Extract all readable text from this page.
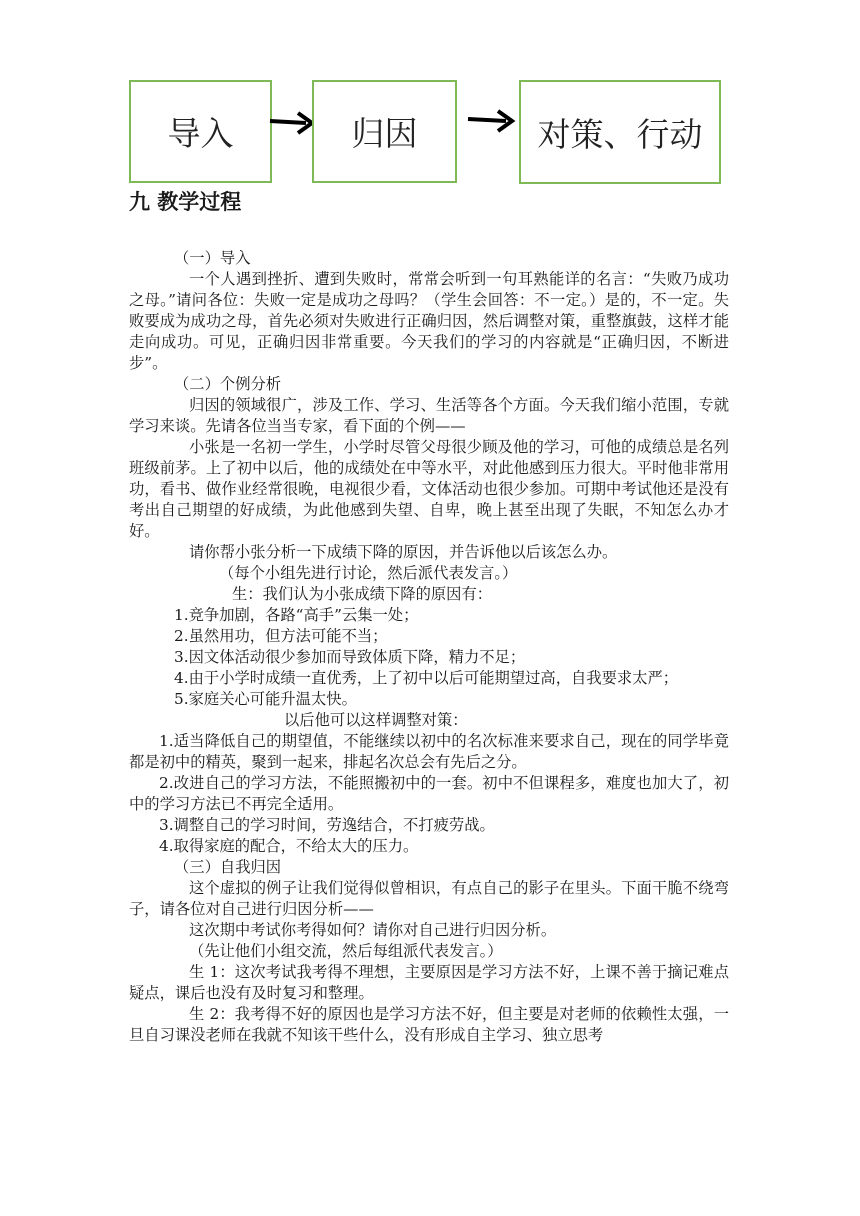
导入	归因	对策、行动
九 教学过程

（一）导入

一个人遇到挫折、遭到失败时，常常会听到一句耳熟能详的名言：“失败乃成功之母。”请问各位：失败一定是成功之母吗？（学生会回答：不一定。）是的，不一定。失败要成为成功之母，首先必须对失败进行正确归因，然后调整对策，重整旗鼓，这样才能走向成功。可见，正确归因非常重要。今天我们的学习的内容就是“正确归因，不断进步”。

（二）个例分析

归因的领域很广，涉及工作、学习、生活等各个方面。今天我们缩小范围，专就学习来谈。先请各位当当专家，看下面的个例——

小张是一名初一学生，小学时尽管父母很少顾及他的学习，可他的成绩总是名列班级前茅。上了初中以后，他的成绩处在中等水平，对此他感到压力很大。平时他非常用功，看书、做作业经常很晚，电视很少看，文体活动也很少参加。可期中考试他还是没有考出自己期望的好成绩，为此他感到失望、自卑，晚上甚至出现了失眠，不知怎么办才好。

请你帮小张分析一下成绩下降的原因，并告诉他以后该怎么办。

（每个小组先进行讨论，然后派代表发言。）

生：我们认为小张成绩下降的原因有：

1.竞争加剧，各路“高手”云集一处；

2.虽然用功，但方法可能不当；

3.因文体活动很少参加而导致体质下降，精力不足；

4.由于小学时成绩一直优秀，上了初中以后可能期望过高，自我要求太严；

5.家庭关心可能升温太快。

以后他可以这样调整对策：

1.适当降低自己的期望值，不能继续以初中的名次标准来要求自己，现在的同学毕竟都是初中的精英，聚到一起来，排起名次总会有先后之分。

2.改进自己的学习方法，不能照搬初中的一套。初中不但课程多，难度也加大了，初中的学习方法已不再完全适用。

3.调整自己的学习时间，劳逸结合，不打疲劳战。

4.取得家庭的配合，不给太大的压力。

（三）自我归因

这个虚拟的例子让我们觉得似曾相识，有点自己的影子在里头。下面干脆不绕弯子，请各位对自己进行归因分析——

这次期中考试你考得如何？请你对自己进行归因分析。

（先让他们小组交流，然后每组派代表发言。）

生 1：这次考试我考得不理想，主要原因是学习方法不好，上课不善于摘记难点疑点，课后也没有及时复习和整理。

生 2：我考得不好的原因也是学习方法不好，但主要是对老师的依赖性太强，一旦自习课没老师在我就不知该干些什么，没有形成自主学习、独立思考
